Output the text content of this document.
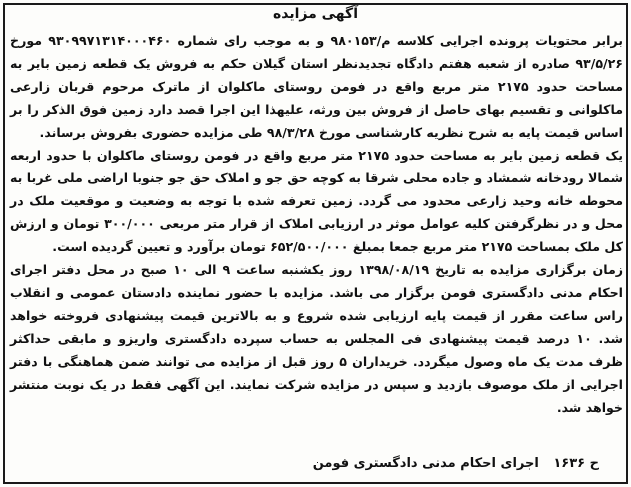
آگهی مزایده

برابر محتویات پرونده اجرایی کلاسه م/۹۸۰۱۵۳ و به موجب رای شماره ۹۳۰۹۹۷۱۳۱۴۰۰۰۴۶۰ مورخ ۹۳/۵/۲۶ صادره از شعبه هفتم دادگاه تجدیدنظر استان گیلان حکم به فروش یک قطعه زمین بایر به مساحت حدود ۲۱۷۵ متر مربع واقع در فومن روستای ماکلوان از ماترک مرحوم قربان زارعی ماکلوانی و تقسیم بهای حاصل از فروش بین ورثه، علیهذا این اجرا قصد دارد زمین فوق الذکر را بر اساس قیمت پایه به شرح نظریه کارشناسی مورخ ۹۸/۳/۲۸ طی مزایده حضوری بفروش برساند.

یک قطعه زمین بایر به مساحت حدود ۲۱۷۵ متر مربع واقع در فومن روستای ماکلوان با حدود اربعه شمالا رودخانه شمشاد و جاده محلی شرقا به کوچه حق جو و املاک حق جو جنوبا اراضی ملی غربا به محوطه خانه وحید زارعی محدود می گردد. زمین تعرفه شده با توجه به وضعیت و موقعیت ملک در محل و در نظرگرفتن کلیه عوامل موثر در ارزیابی املاک از قرار متر مربعی ۳۰۰/۰۰۰ تومان و ارزش کل ملک بمساحت ۲۱۷۵ متر مربع جمعا بمبلغ ۶۵۲/۵۰۰/۰۰۰ تومان برآورد و تعیین گردیده است.

زمان برگزاری مزایده به تاریخ ۱۳۹۸/۰۸/۱۹ روز یکشنبه ساعت ۹ الی ۱۰ صبح در محل دفتر اجرای احکام مدنی دادگستری فومن برگزار می باشد. مزایده با حضور نماینده دادستان عمومی و انقلاب راس ساعت مقرر از قیمت پایه ارزیابی شده شروع و به بالاترین قیمت پیشنهادی فروخته خواهد شد. ۱۰ درصد قیمت پیشنهادی فی المجلس به حساب سپرده دادگستری واریزو و مابقی حداکثر ظرف مدت یک ماه وصول میگردد. خریداران ۵ روز قبل از مزایده می توانند ضمن هماهنگی با دفتر اجرایی از ملک موصوف بازدید و سپس در مزایده شرکت نمایند. این آگهی فقط در یک نوبت منتشر خواهد شد.

ح ۱۶۳۶ اجرای احکام مدنی دادگستری فومن
